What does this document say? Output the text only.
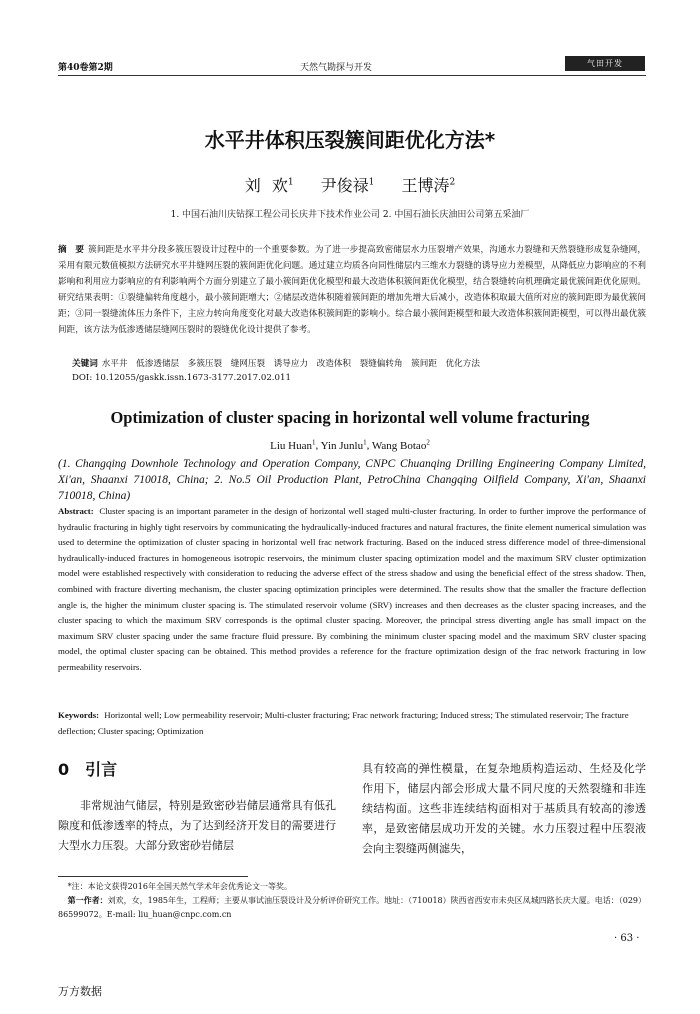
第40卷第2期	天然气勘探与开发	气田开发
水平井体积压裂簇间距优化方法*
刘 欢$^1$　 尹俊禄$^1$　 王博涛$^2$
1. 中国石油川庆钻探工程公司长庆井下技术作业公司 2. 中国石油长庆油田公司第五采油厂
摘　要 簇间距是水平井分段多簇压裂设计过程中的一个重要参数。为了进一步提高致密储层水力压裂增产效果，沟通水力裂缝和天然裂缝形成复杂缝网，采用有限元数值模拟方法研究水平井缝网压裂的簇间距优化问题。通过建立均质各向同性储层内三维水力裂缝的诱导应力差模型，从降低应力影响应的不利影响和利用应力影响应的有利影响两个方面分别建立了最小簇间距优化模型和最大改造体积簇间距优化模型，结合裂缝转向机理确定最优簇间距优化原则。研究结果表明：①裂缝偏转角度越小，最小簇间距增大；②储层改造体积随着簇间距的增加先增大后减小，改造体积取最大值所对应的簇间距即为最优簇间距；③同一裂缝流体压力条件下，主应力转向角度变化对最大改造体积簇间距的影响小。综合最小簇间距模型和最大改造体积簇间距模型，可以得出最优簇间距，该方法为低渗透储层缝网压裂时的裂缝优化设计提供了参考。
关键词 水平井　低渗透储层　多簇压裂　缝网压裂　诱导应力　改造体积　裂缝偏转角　簇间距　优化方法
DOI: 10.12055/gaskk.issn.1673-3177.2017.02.011
Optimization of cluster spacing in horizontal well volume fracturing
Liu Huan$^1$, Yin Junlu$^1$, Wang Botao$^2$
(1. Changqing Downhole Technology and Operation Company, CNPC Chuanqing Drilling Engineering Company Limited, Xi'an, Shaanxi 710018, China; 2. No.5 Oil Production Plant, PetroChina Changqing Oilfield Company, Xi'an, Shaanxi 710018, China)
Abstract: Cluster spacing is an important parameter in the design of horizontal well staged multi-cluster fracturing. In order to further improve the performance of hydraulic fracturing in highly tight reservoirs by communicating the hydraulically-induced fractures and natural fractures, the finite element numerical simulation was used to determine the optimization of cluster spacing in horizontal well frac network fracturing. Based on the induced stress difference model of three-dimensional hydraulically-induced fractures in homogeneous isotropic reservoirs, the minimum cluster spacing optimization model and the maximum SRV cluster optimization model were established respectively with consideration to reducing the adverse effect of the stress shadow and using the beneficial effect of the stress shadow. Then, combined with fracture diverting mechanism, the cluster spacing optimization principles were determined. The results show that the smaller the fracture deflection angle is, the higher the minimum cluster spacing is. The stimulated reservoir volume (SRV) increases and then decreases as the cluster spacing increases, and the cluster spacing to which the maximum SRV corresponds is the optimal cluster spacing. Moreover, the principal stress diverting angle has small impact on the maximum SRV cluster spacing under the same fracture fluid pressure. By combining the minimum cluster spacing model and the maximum SRV cluster spacing model, the optimal cluster spacing can be obtained. This method provides a reference for the fracture optimization design of the frac network fracturing in low permeability reservoirs.
Keywords: Horizontal well; Low permeability reservoir; Multi-cluster fracturing; Frac network fracturing; Induced stress; The stimulated reservoir; The fracture deflection; Cluster spacing; Optimization
0 引言
非常规油气储层，特别是致密砂岩储层通常具有低孔隙度和低渗透率的特点，为了达到经济开发目的需要进行大型水力压裂。大部分致密砂岩储层
具有较高的弹性模量，在复杂地质构造运动、生烃及化学作用下，储层内部会形成大量不同尺度的天然裂缝和非连续结构面。这些非连续结构面相对于基质具有较高的渗透率，是致密储层成功开发的关键。水力压裂过程中压裂液会向主裂缝两侧滤失，
*注：本论文获得2016年全国天然气学术年会优秀论文一等奖。
第一作者：刘欢，女，1985年生，工程师；主要从事试油压裂设计及分析评价研究工作。地址：（710018）陕西省西安市未央区凤城四路长庆大厦。电话：（029）86599072。E-mail: liu_huan@cnpc.com.cn
· 63 ·
万方数据
